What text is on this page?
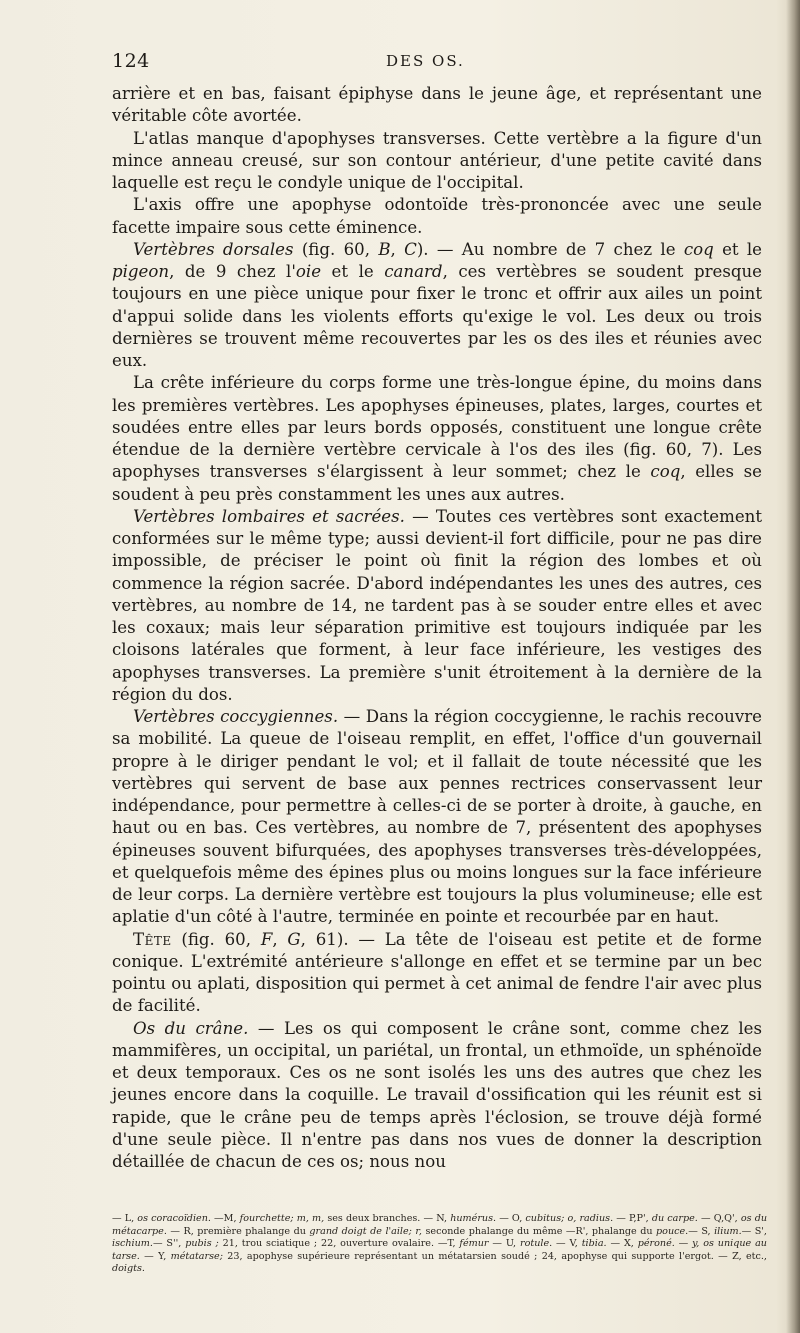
124	DES OS.

arrière et en bas, faisant épiphyse dans le jeune âge, et représentant une véritable côte avortée.

L'atlas manque d'apophyses transverses. Cette vertèbre a la figure d'un mince anneau creusé, sur son contour antérieur, d'une petite cavité dans laquelle est reçu le condyle unique de l'occipital.

L'axis offre une apophyse odontoïde très-prononcée avec une seule facette impaire sous cette éminence.

Vertèbres dorsales (fig. 60, B, C). — Au nombre de 7 chez le coq et le pigeon, de 9 chez l'oie et le canard, ces vertèbres se soudent presque toujours en une pièce unique pour fixer le tronc et offrir aux ailes un point d'appui solide dans les violents efforts qu'exige le vol. Les deux ou trois dernières se trouvent même recouvertes par les os des iles et réunies avec eux.

La crête inférieure du corps forme une très-longue épine, du moins dans les premières vertèbres. Les apophyses épineuses, plates, larges, courtes et soudées entre elles par leurs bords opposés, constituent une longue crête étendue de la dernière vertèbre cervicale à l'os des iles (fig. 60, 7). Les apophyses transverses s'élargissent à leur sommet; chez le coq, elles se soudent à peu près constamment les unes aux autres.

Vertèbres lombaires et sacrées. — Toutes ces vertèbres sont exactement conformées sur le même type; aussi devient-il fort difficile, pour ne pas dire impossible, de préciser le point où finit la région des lombes et où commence la région sacrée. D'abord indépendantes les unes des autres, ces vertèbres, au nombre de 14, ne tardent pas à se souder entre elles et avec les coxaux; mais leur séparation primitive est toujours indiquée par les cloisons latérales que forment, à leur face inférieure, les vestiges des apophyses transverses. La première s'unit étroitement à la dernière de la région du dos.

Vertèbres coccygiennes. — Dans la région coccygienne, le rachis recouvre sa mobilité. La queue de l'oiseau remplit, en effet, l'office d'un gouvernail propre à le diriger pendant le vol; et il fallait de toute nécessité que les vertèbres qui servent de base aux pennes rectrices conservassent leur indépendance, pour permettre à celles-ci de se porter à droite, à gauche, en haut ou en bas. Ces vertèbres, au nombre de 7, présentent des apophyses épineuses souvent bifurquées, des apophyses transverses très-développées, et quelquefois même des épines plus ou moins longues sur la face inférieure de leur corps. La dernière vertèbre est toujours la plus volumineuse; elle est aplatie d'un côté à l'autre, terminée en pointe et recourbée par en haut.

Tête (fig. 60, F, G, 61). — La tête de l'oiseau est petite et de forme conique. L'extrémité antérieure s'allonge en effet et se termine par un bec pointu ou aplati, disposition qui permet à cet animal de fendre l'air avec plus de facilité.

Os du crâne. — Les os qui composent le crâne sont, comme chez les mammifères, un occipital, un pariétal, un frontal, un ethmoïde, un sphénoïde et deux temporaux. Ces os ne sont isolés les uns des autres que chez les jeunes encore dans la coquille. Le travail d'ossification qui les réunit est si rapide, que le crâne peu de temps après l'éclosion, se trouve déjà formé d'une seule pièce. Il n'entre pas dans nos vues de donner la description détaillée de chacun de ces os; nous nou

— L, os coracoïdien. —M, fourchette; m, m, ses deux branches. — N, humérus. — O, cubitus; o, radius. — P,P', du carpe. — Q,Q', os du métacarpe. — R, première phalange du grand doigt de l'aile; r, seconde phalange du même —R', phalange du pouce.— S, ilium.— S', ischium.— S'', pubis ; 21, trou sciatique ; 22, ouverture ovalaire. —T, fémur — U, rotule. — V, tibia. — X, péroné. — y, os unique au tarse. — Y, métatarse; 23, apophyse supérieure représentant un métatarsien soudé ; 24, apophyse qui supporte l'ergot. — Z, etc., doigts.
